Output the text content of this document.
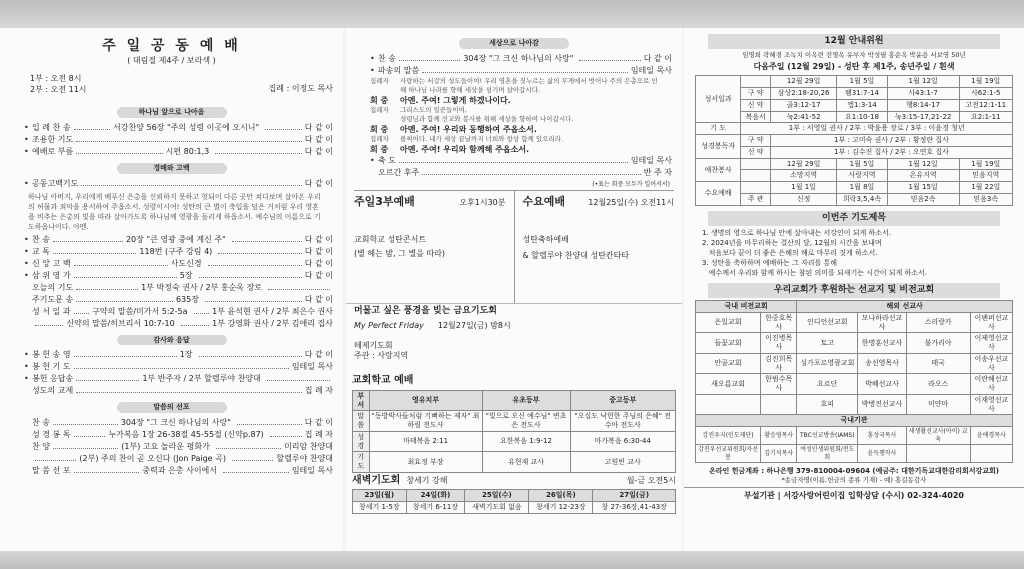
주 일 공 동 예 배
( 대림절 제4주 / 보라색 )
1부 : 오전 8시
2부 : 오전 11시	집례 : 이정도 목사
하나님 앞으로 나아옴
• 입 례 찬 송	서강찬양 56장 "주의 성령 이곳에 오시니"	다 같 이
• 조용한 기도	다 같 이
• 예배로 부름	시편 80:1,3	다 같 이
경배와 고백
• 공동고백기도	다 같 이
하나님 아버지, 우리에게 베푸신 은총을 신뢰하지 못하고 헛되이 다른 곳만 쳐다보며 살아온 우리의 허물과 죄악을 용서하여 주옵소서. 성령이시여! 성탄의 큰 별이 축입을 덮은 거처럼 우리 영혼을 비추는 은총의 빛을 따라 살아가도록 하나님께 영광을 돌리게 하옵소서. 예수님의 이름으로 기도하옵나이다. 아멘.
• 찬 송	20장 "큰 영광 중에 계신 주"	다 같 이
• 교 독	118번 (구주 강림 4)	다 같 이
• 신 앙 고 백	사도신경	다 같 이
• 삼 위 영 가	5장	다 같 이
오늘의 기도	1부 박정숙 권사 / 2부 홍순옥 장로
주기도문 송	635장	다 같 이
성 서 일 과	구약의 말씀/미가서 5:2-5a	1부 윤석현 권사 / 2부 최은수 권사
신약의 말씀/히브리서 10:7-10	1부 강영화 권사 / 2부 김애리 집사
감사와 응답
• 봉 헌 송 영	1장	다 같 이
• 봉 헌 기 도	임테일 목사
• 봉헌 응답송	1부 반주자 / 2부 할렐루야 찬양대
성도의 교제	집 례 자
말씀의 선포
찬 송	304장 "그 크신 하나님의 사랑"	다 같 이
성 경 봉 독	누가복음 1장 26-38절 45-55절 (신약p.87)	집 례 자
찬 양	(1부) 고요 놀라운 평화가	미리암 찬양대
(2부) 주의 찬이 곧 오신다 (Jon Paige 곡)	할렐루야 찬양대
말 씀 선 포	중력과 은총 사이에서	임테일 목사
세상으로 나아감
• 찬 송	304장 "그 크신 하나님의 사랑"	다 같 이
• 파송의 말씀	임테일 목사
집례자	사랑하는 서강의 성도들이여! 우리 영혼을 짓누르는 삶의 무게에서 벗어나 주의 은총으로 인해 하나님 나라를 향해 세상을 섬기며 살아갑시다.
회 중	아멘. 주여! 그렇게 하겠나이다.
집례자	그리스도의 일꾼들이여,
성령님과 함께 선교와 봉사를 위해 세상을 향하여 나아갑시다.
회 중	아멘. 주여! 우리와 동행하여 주옵소서.
집례자	볼찌어다. 내가 세상 끝날까지 너희와 항상 함께 있으리라.
회 중	아멘. 주여! 우리와 함께해 주옵소서.
• 축 도	임테일 목사
오르간 후주	반 주 자
(•표는 회중 모두가 일어서서)
주일3부예배	오후1시30분
교회학교 성탄콘서트
(별 헤는 밤, 그 별을 따라)
수요예배	12월25일(수) 오전11시
성탄축하예배
& 할렐루야 찬양대 성탄칸타타
머물고 싶은 풍경을 빚는 금요기도회
My Perfect Friday 12월27일(금) 밤8시
떼제기도회
주관 : 사랑지역
교회학교 예배
부서	영유치부	유초등부	중고등부
말씀	"동방박사들처럼 기뻐하는 제자" 최하림 전도사	"빛으로 오신 예수님" 변초은 전도사	"오십도 낙헌한 주님의 은혜" 전수아 전도사
성경	마태복음 2:11	요한복음 1:9-12	마가복음 6:30-44
기도	최효정 부장	유현재 교사	고원빈 교사
새벽기도회 창세기 강해	월-금 오전5시
23일(월)	24일(화)	25일(수)	26일(목)	27일(금)
창세기 1-5장	창세기 6-11장	새벽기도회 없음	창세기 12-23장	창 27-36장,41-43장
12월 안내위원
임명희 곽혜경 조녹치 이옥련 전명옥 유부자 박성필 홍순옥 박윤용 서보영 50년
다음주일 (12월 29일) - 성탄 후 제1주, 송년주일 / 흰색
성서일과		12월 29일	1월 5일	1월 12일	1월 19일
	구 약	삼상2:18-20,26	렘31:7-14	사43:1-7	사62:1-5
	신 약	골3:12-17	엡1:3-14	행8:14-17	고전12:1-11
	복음서	눅2:41-52	요1:10-18	눅3:15-17,21-22	요2:1-11
기 도	1부 : 서영일 권사 / 2부 : 박윤용 장로 / 3부 : 이윤경 청년				
성경봉독자	구 약	1부 : 고미숙 권사 / 2부 : 황정란 집사			
	신 약	1부 : 김수진 집사 / 2부 : 오연호 집사			
애찬봉사		12월 29일	1월 5일	1월 12일	1월 19일
		소망지역	사랑지역	온유지역	믿음지역
수요예배		1월 1일	1월 8일	1월 15일	1월 22일
	주 관	신정	희락3,5,4속	믿음2속	믿음3속
이번주 기도제목
1. 생명의 영으로 하나님 안에 살아내는 서강인이 되게 하소서.
2. 2024년을 마무리하는 결산의 달, 12월의 시간을 보내며
처음보다 끝이 더 좋은 은혜의 해로 마무리 짓게 하소서.
3. 성탄을 축하하며 예배하는 그 자리를 통해
예수께서 우리와 함께 하시는 참된 의미를 되새기는 시간이 되게 하소서.
우리교회가 후원하는 선교지 및 비전교회
국내 비전교회		해외 선교사			
은일교회	한중호목사	인디언선교회	모나하라선교사	스리랑카	이팬퍼선교사
들꽃교회	이진병목사	토고	한명훈선교사	불가리아	이제영선교사
안골교회	김진희목사	싱가포르영광교회	송선영목사	태국	이송우선교사
새오름교회	한범수목사	요르단	박혜선교사	라오스	이란해선교사
		호피	박병진선교사	미얀마	이재영선교사
국내기관					
강진우지(인도재단)	황승영목사	TBC선교방송(IAMS)	홍성국목사	새생활선교사(아이) 교육	윤에경목사
강진우선교위원회/자선봉	김기석목사	여성인생위원회/전도회	윤득행작사		
온라인 헌금계좌 : 하나은행 379-810004-09604 (예금주: 대한기독교대한감리회서강교회)
*송금자명(이름,헌금의 종류 기재) - 예) 홍길동감사
부설기관 | 서강사랑어린이집 입학상담 (수시) 02-324-4020
